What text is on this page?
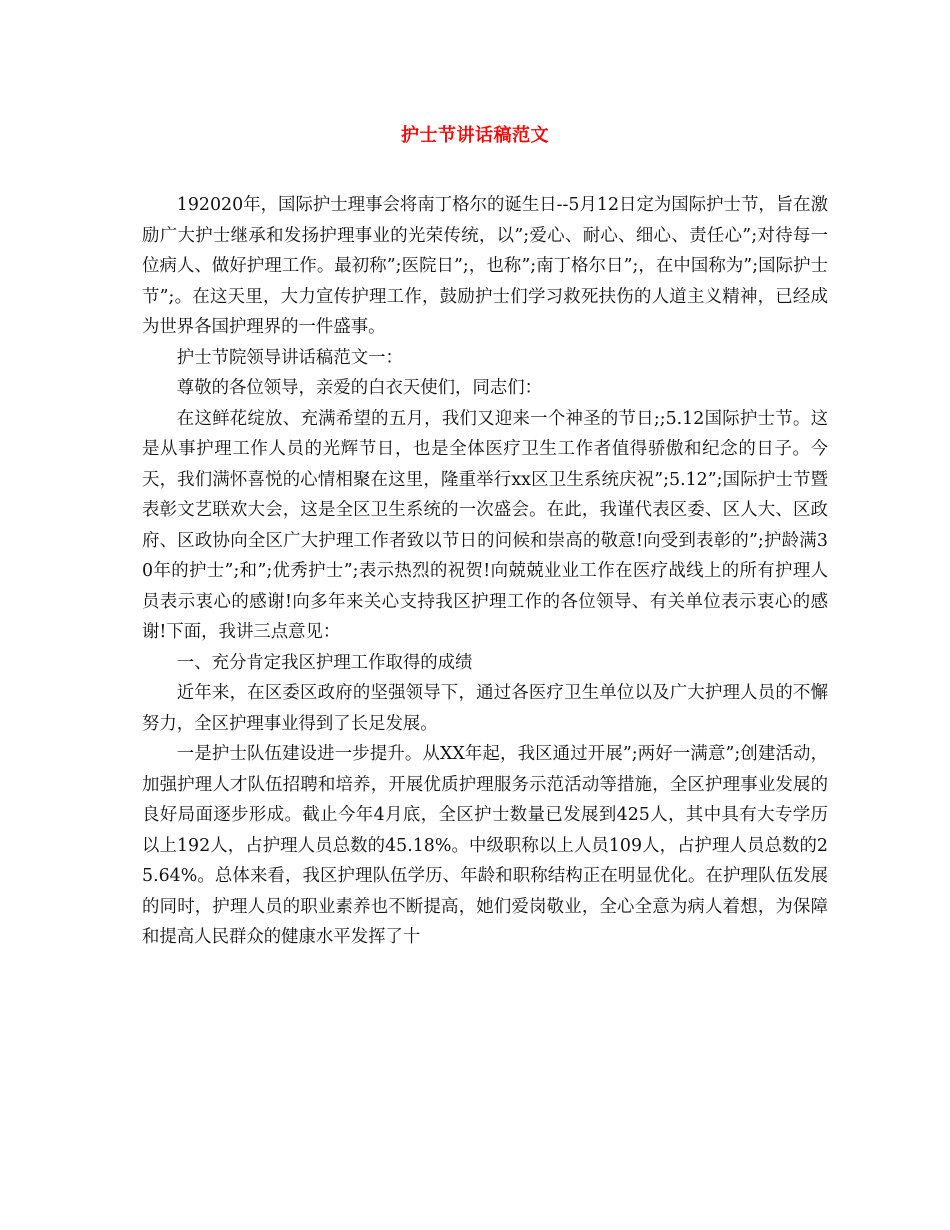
护士节讲话稿范文

192020年，国际护士理事会将南丁格尔的诞生日--5月12日定为国际护士节，旨在激励广大护士继承和发扬护理事业的光荣传统，以”;爱心、耐心、细心、责任心”;对待每一位病人、做好护理工作。最初称”;医院日”;，也称”;南丁格尔日”;，在中国称为”;国际护士节”;。在这天里，大力宣传护理工作，鼓励护士们学习救死扶伤的人道主义精神，已经成为世界各国护理界的一件盛事。

护士节院领导讲话稿范文一：

尊敬的各位领导，亲爱的白衣天使们，同志们：

在这鲜花绽放、充满希望的五月，我们又迎来一个神圣的节日;;5.12国际护士节。这是从事护理工作人员的光辉节日，也是全体医疗卫生工作者值得骄傲和纪念的日子。今天，我们满怀喜悦的心情相聚在这里，隆重举行xx区卫生系统庆祝”;5.12”;国际护士节暨表彰文艺联欢大会，这是全区卫生系统的一次盛会。在此，我谨代表区委、区人大、区政府、区政协向全区广大护理工作者致以节日的问候和崇高的敬意!向受到表彰的”;护龄满30年的护士”;和”;优秀护士”;表示热烈的祝贺!向兢兢业业工作在医疗战线上的所有护理人员表示衷心的感谢!向多年来关心支持我区护理工作的各位领导、有关单位表示衷心的感谢!下面，我讲三点意见：

一、充分肯定我区护理工作取得的成绩

近年来，在区委区政府的坚强领导下，通过各医疗卫生单位以及广大护理人员的不懈努力，全区护理事业得到了长足发展。

一是护士队伍建设进一步提升。从XX年起，我区通过开展”;两好一满意”;创建活动，加强护理人才队伍招聘和培养，开展优质护理服务示范活动等措施，全区护理事业发展的良好局面逐步形成。截止今年4月底，全区护士数量已发展到425人，其中具有大专学历以上192人，占护理人员总数的45.18%。中级职称以上人员109人，占护理人员总数的25.64%。总体来看，我区护理队伍学历、年龄和职称结构正在明显优化。在护理队伍发展的同时，护理人员的职业素养也不断提高，她们爱岗敬业，全心全意为病人着想，为保障和提高人民群众的健康水平发挥了十
